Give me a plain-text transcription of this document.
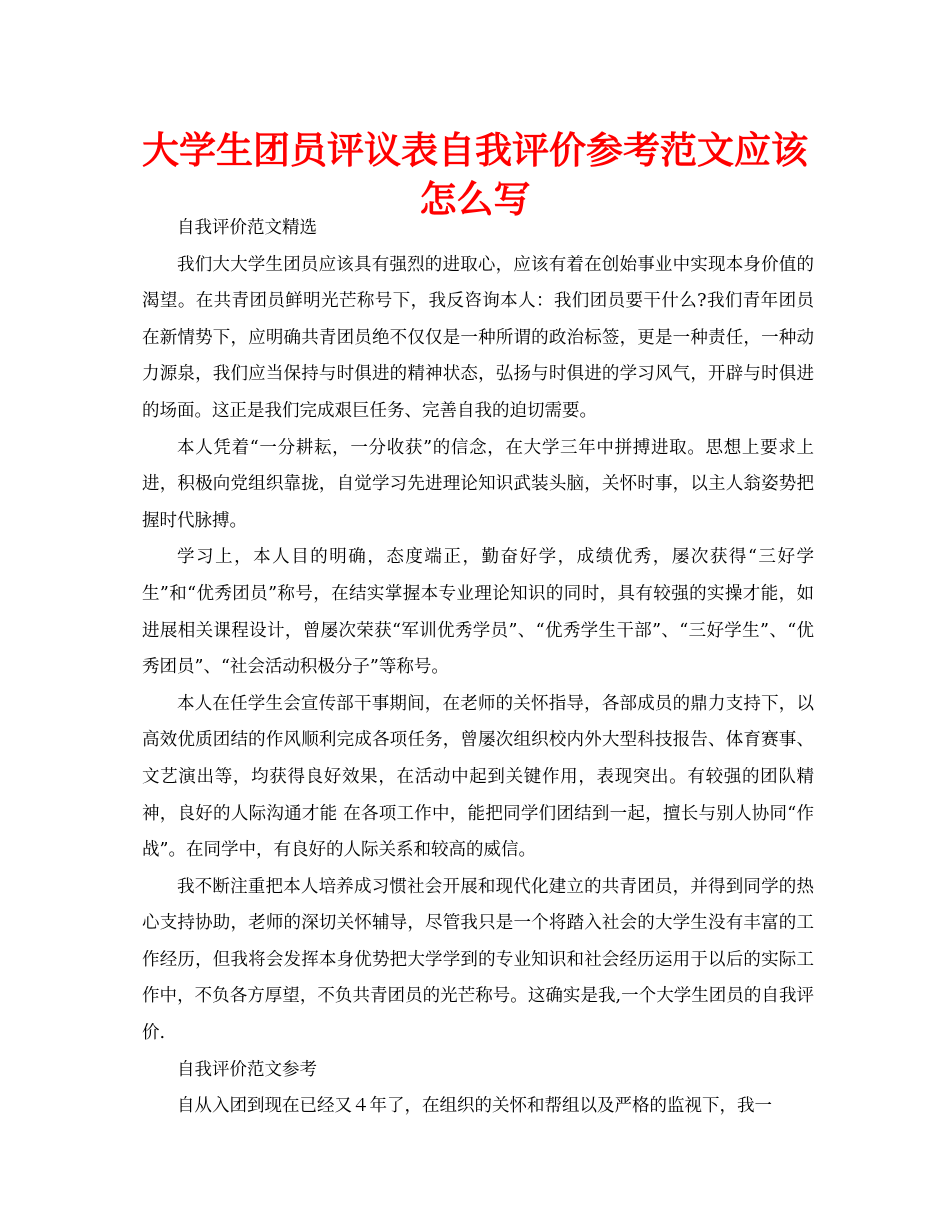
大学生团员评议表自我评价参考范文应该
怎么写

自我评价范文精选

我们大大学生团员应该具有强烈的进取心，应该有着在创始事业中实现本身价值的渴望。在共青团员鲜明光芒称号下，我反咨询本人：我们团员要干什么?我们青年团员在新情势下，应明确共青团员绝不仅仅是一种所谓的政治标签，更是一种责任，一种动力源泉，我们应当保持与时俱进的精神状态，弘扬与时俱进的学习风气，开辟与时俱进的场面。这正是我们完成艰巨任务、完善自我的迫切需要。

本人凭着“一分耕耘，一分收获”的信念，在大学三年中拼搏进取。思想上要求上进，积极向党组织靠拢，自觉学习先进理论知识武装头脑，关怀时事，以主人翁姿势把握时代脉搏。

学习上，本人目的明确，态度端正，勤奋好学，成绩优秀，屡次获得“三好学生”和“优秀团员”称号，在结实掌握本专业理论知识的同时，具有较强的实操才能，如进展相关课程设计，曾屡次荣获“军训优秀学员”、“优秀学生干部”、“三好学生”、“优秀团员”、“社会活动积极分子”等称号。

本人在任学生会宣传部干事期间，在老师的关怀指导，各部成员的鼎力支持下，以高效优质团结的作风顺利完成各项任务，曾屡次组织校内外大型科技报告、体育赛事、文艺演出等，均获得良好效果，在活动中起到关键作用，表现突出。有较强的团队精神，良好的人际沟通才能 在各项工作中，能把同学们团结到一起，擅长与别人协同“作战”。在同学中，有良好的人际关系和较高的威信。

我不断注重把本人培养成习惯社会开展和现代化建立的共青团员，并得到同学的热心支持协助，老师的深切关怀辅导，尽管我只是一个将踏入社会的大学生没有丰富的工作经历，但我将会发挥本身优势把大学学到的专业知识和社会经历运用于以后的实际工作中，不负各方厚望，不负共青团员的光芒称号。这确实是我,一个大学生团员的自我评价.

自我评价范文参考

自从入团到现在已经又４年了，在组织的关怀和帮组以及严格的监视下，我一
